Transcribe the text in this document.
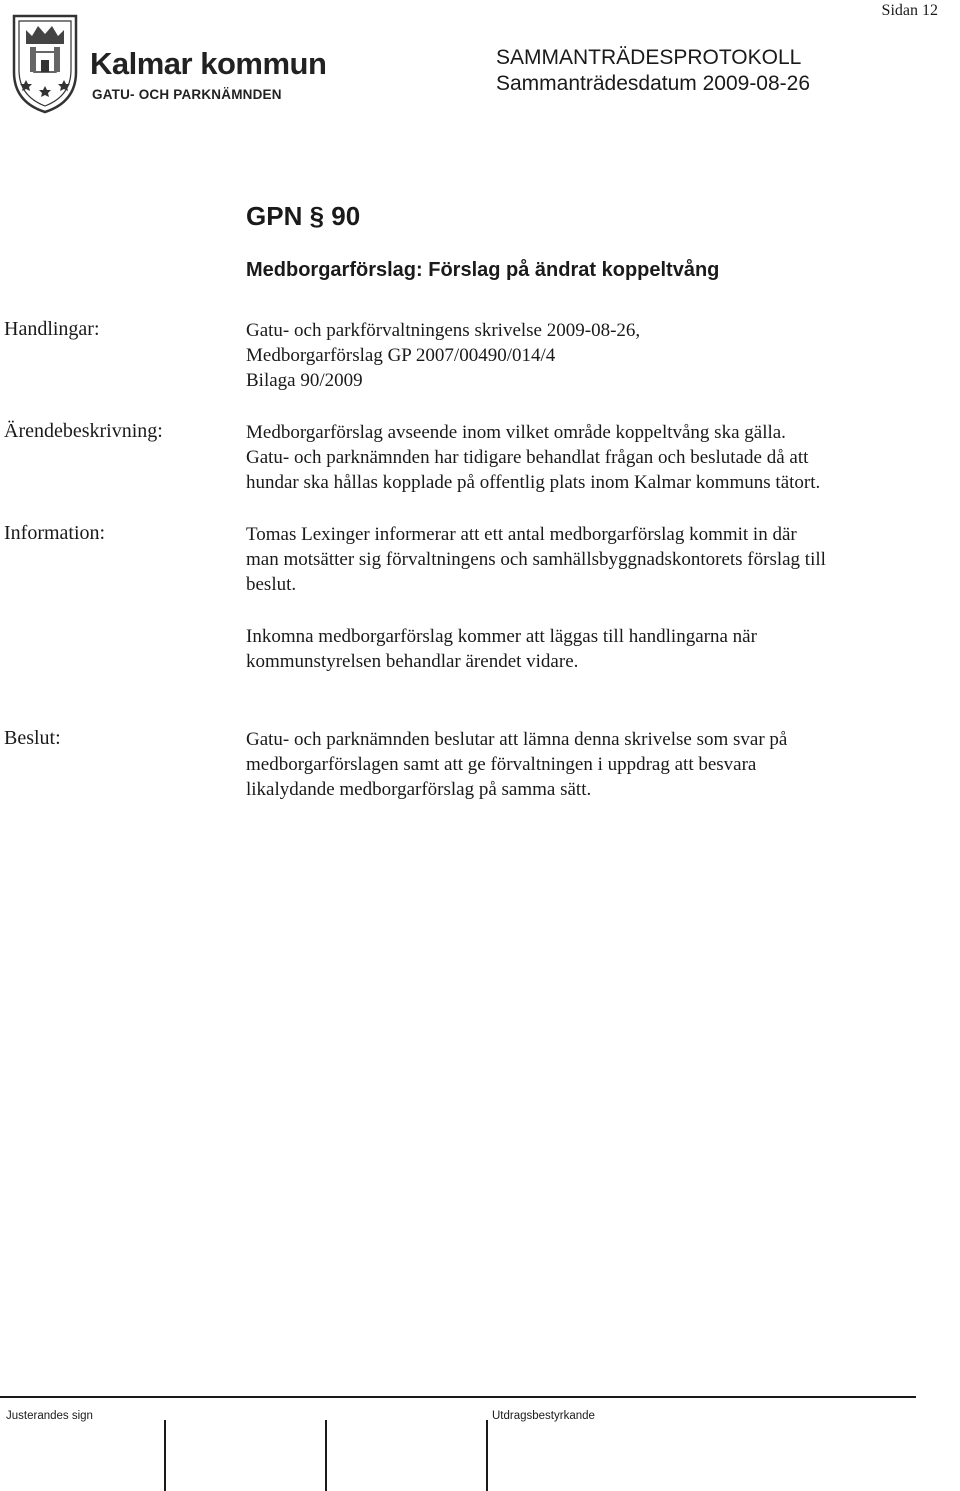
Sidan 12
Kalmar kommun
GATU- OCH PARKNÄMNDEN
SAMMANTRÄDESPROTOKOLL
Sammanträdesdatum 2009-08-26
GPN § 90
Medborgarförslag: Förslag på ändrat koppeltvång
Handlingar:	Gatu- och parkförvaltningens skrivelse 2009-08-26,
Medborgarförslag GP 2007/00490/014/4
Bilaga 90/2009
Ärendebeskrivning:	Medborgarförslag avseende inom vilket område koppeltvång ska gälla.
Gatu- och parknämnden har tidigare behandlat frågan och beslutade då att
hundar ska hållas kopplade på offentlig plats inom Kalmar kommuns tätort.
Information:	Tomas Lexinger informerar att ett antal medborgarförslag kommit in där
man motsätter sig förvaltningens och samhällsbyggnadskontorets förslag till
beslut.
Inkomna medborgarförslag kommer att läggas till handlingarna när
kommunstyrelsen behandlar ärendet vidare.
Beslut:	Gatu- och parknämnden beslutar att lämna denna skrivelse som svar på
medborgarförslagen samt att ge förvaltningen i uppdrag att besvara
likalydande medborgarförslag på samma sätt.
Justerandes sign	Utdragsbestyrkande
